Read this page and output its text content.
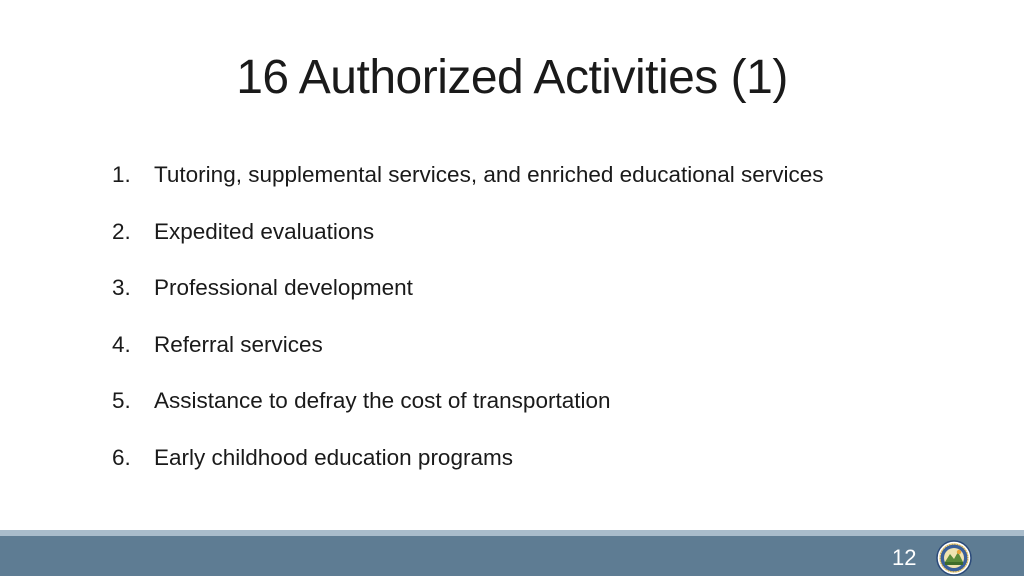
16 Authorized Activities (1)
1. Tutoring, supplemental services, and enriched educational services
2. Expedited evaluations
3. Professional development
4. Referral services
5. Assistance to defray the cost of transportation
6. Early childhood education programs
12
